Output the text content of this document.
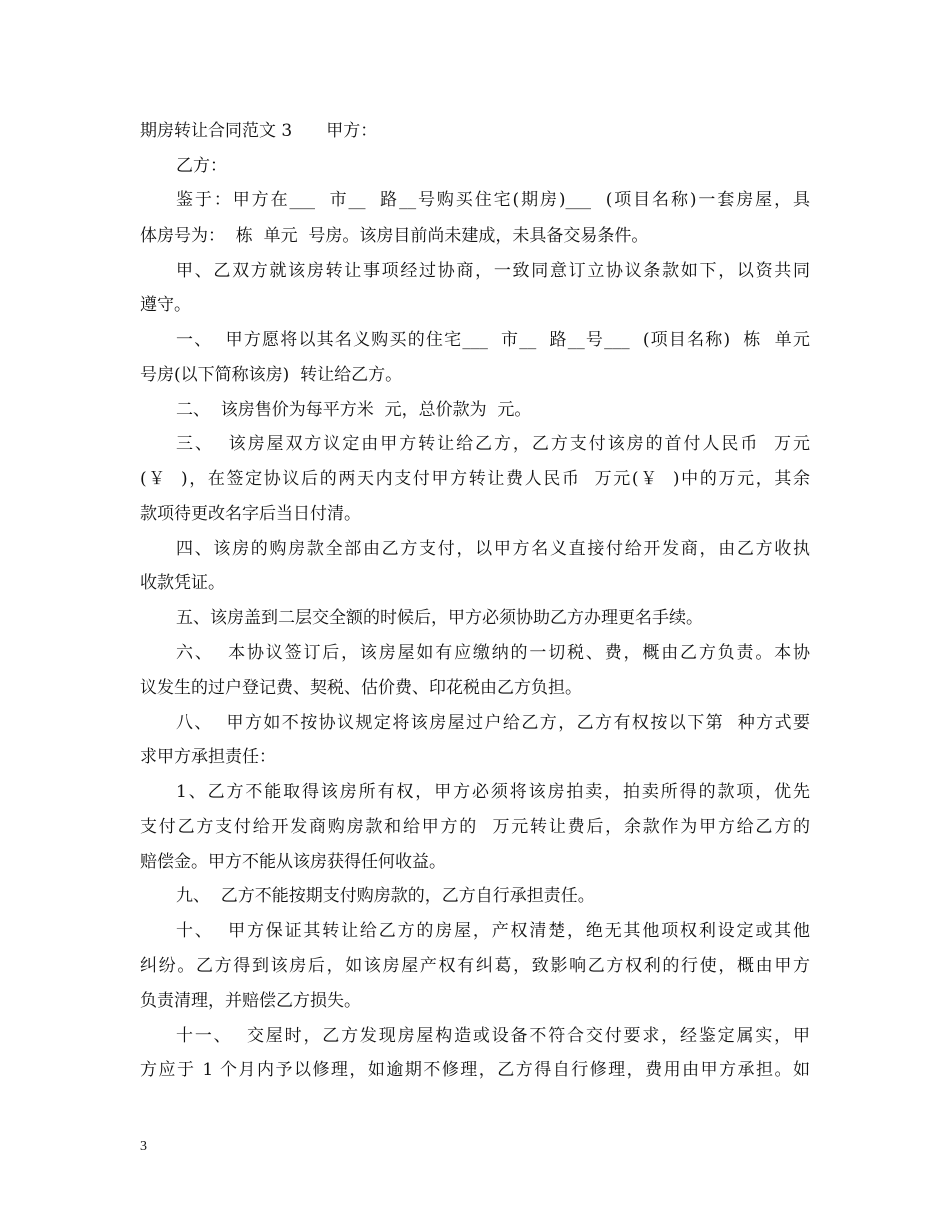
期房转让合同范文 3　　甲方：
乙方：
鉴于：甲方在___  市__  路__号购买住宅(期房)___  (项目名称)一套房屋，具
体房号为：  栋  单元  号房。该房目前尚未建成，未具备交易条件。
甲、乙双方就该房转让事项经过协商，一致同意订立协议条款如下，以资共同
遵守。
一、  甲方愿将以其名义购买的住宅___  市__  路__号___  (项目名称)  栋  单元
号房(以下简称该房)  转让给乙方。
二、  该房售价为每平方米  元，总价款为  元。
三、  该房屋双方议定由甲方转让给乙方，乙方支付该房的首付人民币  万元
(￥  )，在签定协议后的两天内支付甲方转让费人民币  万元(￥  )中的万元，其余
款项待更改名字后当日付清。
四、该房的购房款全部由乙方支付，以甲方名义直接付给开发商，由乙方收执
收款凭证。
五、该房盖到二层交全额的时候后，甲方必须协助乙方办理更名手续。
六、  本协议签订后，该房屋如有应缴纳的一切税、费，概由乙方负责。本协
议发生的过户登记费、契税、估价费、印花税由乙方负担。
八、  甲方如不按协议规定将该房屋过户给乙方，乙方有权按以下第  种方式要
求甲方承担责任：
1、乙方不能取得该房所有权，甲方必须将该房拍卖，拍卖所得的款项，优先
支付乙方支付给开发商购房款和给甲方的  万元转让费后，余款作为甲方给乙方的
赔偿金。甲方不能从该房获得任何收益。
九、  乙方不能按期支付购房款的，乙方自行承担责任。
十、  甲方保证其转让给乙方的房屋，产权清楚，绝无其他项权利设定或其他
纠纷。乙方得到该房后，如该房屋产权有纠葛，致影响乙方权利的行使，概由甲方
负责清理，并赔偿乙方损失。
十一、  交屋时，乙方发现房屋构造或设备不符合交付要求，经鉴定属实，甲
方应于 1 个月内予以修理，如逾期不修理，乙方得自行修理，费用由甲方承担。如
3
